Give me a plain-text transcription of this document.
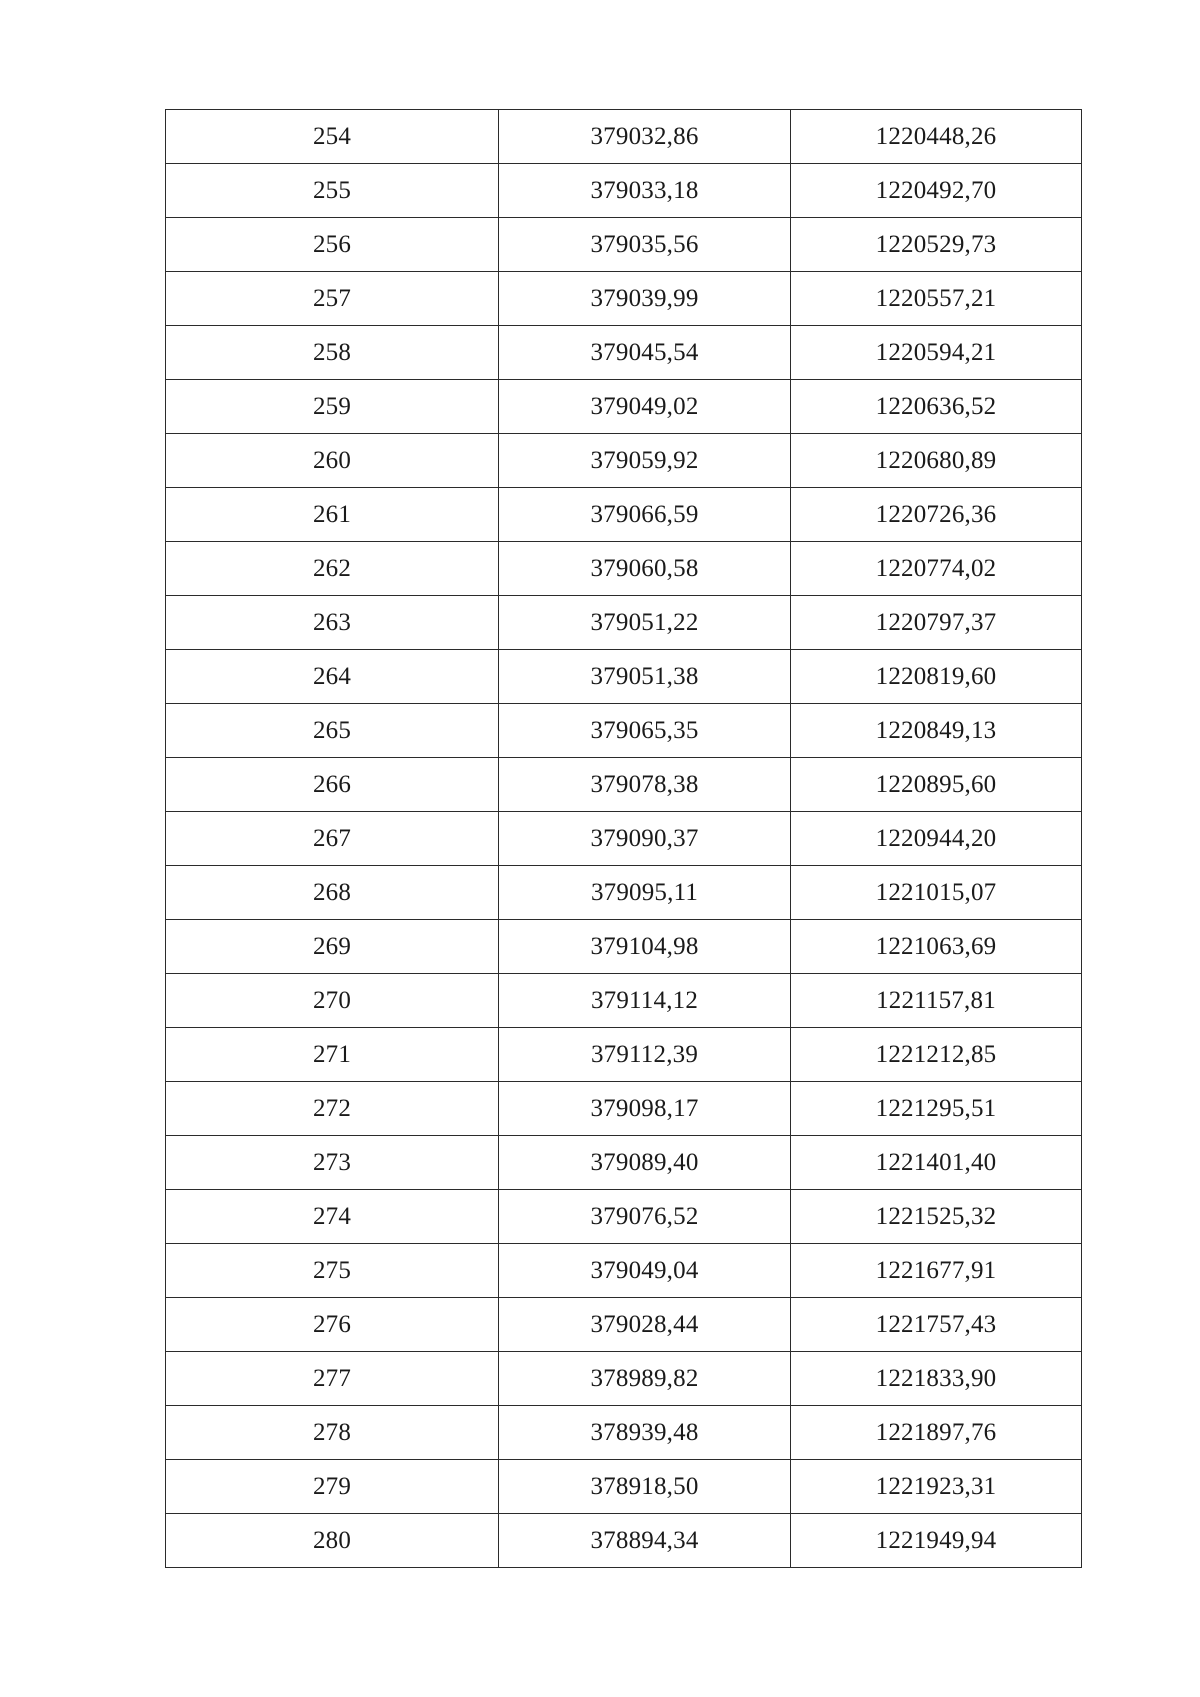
254	379032,86	1220448,26
255	379033,18	1220492,70
256	379035,56	1220529,73
257	379039,99	1220557,21
258	379045,54	1220594,21
259	379049,02	1220636,52
260	379059,92	1220680,89
261	379066,59	1220726,36
262	379060,58	1220774,02
263	379051,22	1220797,37
264	379051,38	1220819,60
265	379065,35	1220849,13
266	379078,38	1220895,60
267	379090,37	1220944,20
268	379095,11	1221015,07
269	379104,98	1221063,69
270	379114,12	1221157,81
271	379112,39	1221212,85
272	379098,17	1221295,51
273	379089,40	1221401,40
274	379076,52	1221525,32
275	379049,04	1221677,91
276	379028,44	1221757,43
277	378989,82	1221833,90
278	378939,48	1221897,76
279	378918,50	1221923,31
280	378894,34	1221949,94
